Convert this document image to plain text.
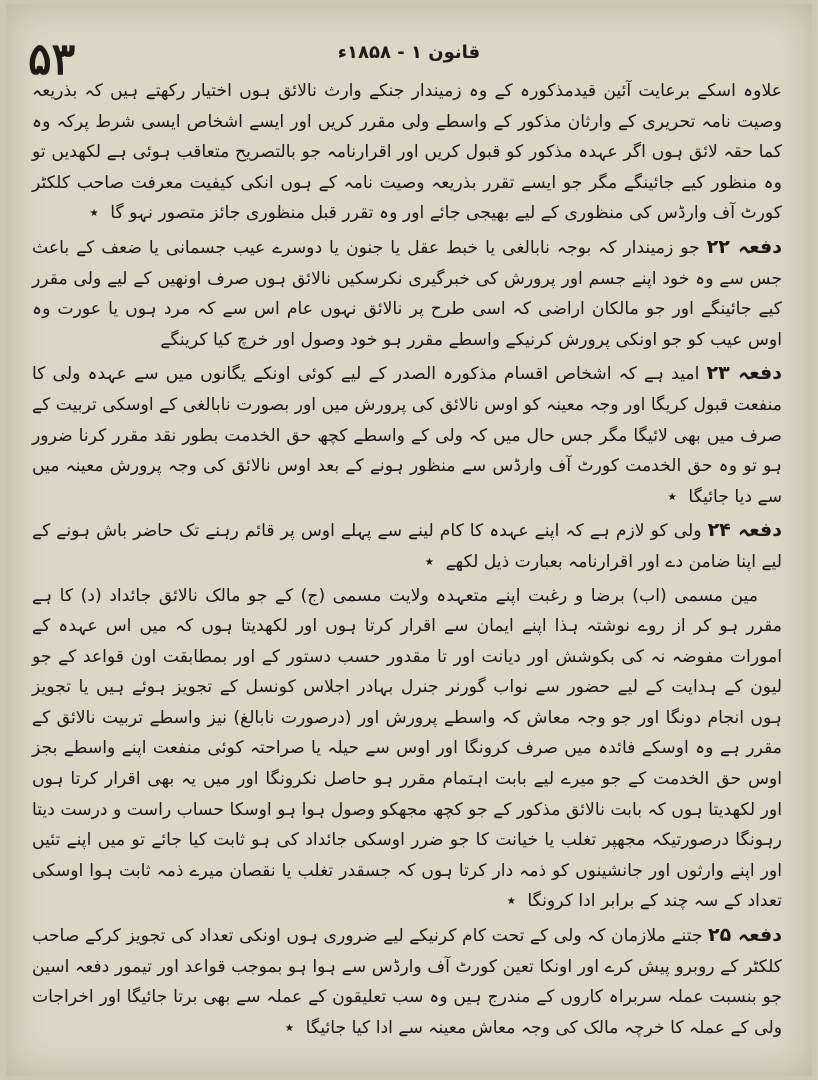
۵۳	قانون ۱ - ۱۸۵۸ء

علاوہ اسکے برعایت آئین قیدمذکورہ کے وہ زمیندار جنکے وارث نالائق ہوں اختیار رکھتے ہیں کہ بذریعہ وصیت نامہ تحریری کے وارثان مذکور کے واسطے ولی مقرر کریں اور ایسے اشخاص ایسی شرط پرکہ وہ کما حقہ لائق ہوں اگر عہدہ مذکور کو قبول کریں اور اقرارنامہ جو بالتصریح متعاقب ہوئی ہے لکھدیں تو وہ منظور کیے جائینگے مگر جو ایسے تقرر بذریعہ وصیت نامہ کے ہوں انکی کیفیت معرفت صاحب کلکٹر کورٹ آف وارڈس کی منظوری کے لیے بھیجی جائے اور وہ تقرر قبل منظوری جائز متصور نہو گا ٭

دفعہ ۲۲ جو زمیندار کہ بوجہ نابالغی یا خبط عقل یا جنون یا دوسرے عیب جسمانی یا ضعف کے باعث جس سے وہ خود اپنے جسم اور پرورش کی خبرگیری نکرسکیں نالائق ہوں صرف اونھیں کے لیے ولی مقرر کیے جائینگے اور جو مالکان اراضی کہ اسی طرح پر نالائق نہوں عام اس سے کہ مرد ہوں یا عورت وہ اوس عیب کو جو اونکی پرورش کرنیکے واسطے مقرر ہو خود وصول اور خرچ کیا کرینگے

دفعہ ۲۳ امید ہے کہ اشخاص اقسام مذکورہ الصدر کے لیے کوئی اونکے یگانوں میں سے عہدہ ولی کا منفعت قبول کریگا اور وجہ معینہ کو اوس نالائق کی پرورش میں اور بصورت نابالغی کے اوسکی تربیت کے صرف میں بھی لائیگا مگر جس حال میں کہ ولی کے واسطے کچھ حق الخدمت بطور نقد مقرر کرنا ضرور ہو تو وہ حق الخدمت کورٹ آف وارڈس سے منظور ہونے کے بعد اوس نالائق کی وجہ پرورش معینہ میں سے دیا جائیگا ٭

دفعہ ۲۴ ولی کو لازم ہے کہ اپنے عہدہ کا کام لینے سے پہلے اوس پر قائم رہنے تک حاضر باش ہونے کے لیے اپنا ضامن دے اور اقرارنامہ بعبارت ذیل لکھے ٭

مین مسمی (اب) برضا و رغبت اپنے متعہدہ ولایت مسمی (ج) کے جو مالک نالائق جائداد (د) کا ہے مقرر ہو کر از روے نوشتہ ہذا اپنے ایمان سے اقرار کرتا ہوں اور لکھدیتا ہوں کہ میں اس عہدہ کے امورات مفوضہ نہ کی بکوشش اور دیانت اور تا مقدور حسب دستور کے اور بمطابقت اون قواعد کے جو لیون کے ہدایت کے لیے حضور سے نواب گورنر جنرل بہادر اجلاس کونسل کے تجویز ہوئے ہیں یا تجویز ہوں انجام دونگا اور جو وجہ معاش کہ واسطے پرورش اور (درصورت نابالغ) نیز واسطے تربیت نالائق کے مقرر ہے وہ اوسکے فائدہ میں صرف کرونگا اور اوس سے حیلہ یا صراحتہ کوئی منفعت اپنے واسطے بجز اوس حق الخدمت کے جو میرے لیے بابت اہتمام مقرر ہو حاصل نکرونگا اور میں یہ بھی اقرار کرتا ہوں اور لکھدیتا ہوں کہ بابت نالائق مذکور کے جو کچھ مجھکو وصول ہوا ہو اوسکا حساب راست و درست دیتا رہونگا درصورتیکہ مجھپر تغلب یا خیانت کا جو ضرر اوسکی جائداد کی ہو ثابت کیا جائے تو میں اپنے تئیں اور اپنے وارثوں اور جانشینوں کو ذمہ دار کرتا ہوں کہ جسقدر تغلب یا نقصان میرے ذمہ ثابت ہوا اوسکی تعداد کے سہ چند کے برابر ادا کرونگا ٭

دفعہ ۲۵ جتنے ملازمان کہ ولی کے تحت کام کرنیکے لیے ضروری ہوں اونکی تعداد کی تجویز کرکے صاحب کلکٹر کے روبرو پیش کرے اور اونکا تعین کورٹ آف وارڈس سے ہوا ہو بموجب قواعد اور تیمور دفعہ اسین جو بنسبت عملہ سربراہ کاروں کے مندرج ہیں وہ سب تعلیقون کے عملہ سے بھی برتا جائیگا اور اخراجات ولی کے عملہ کا خرچہ مالک کی وجہ معاش معینہ سے ادا کیا جائیگا ٭
